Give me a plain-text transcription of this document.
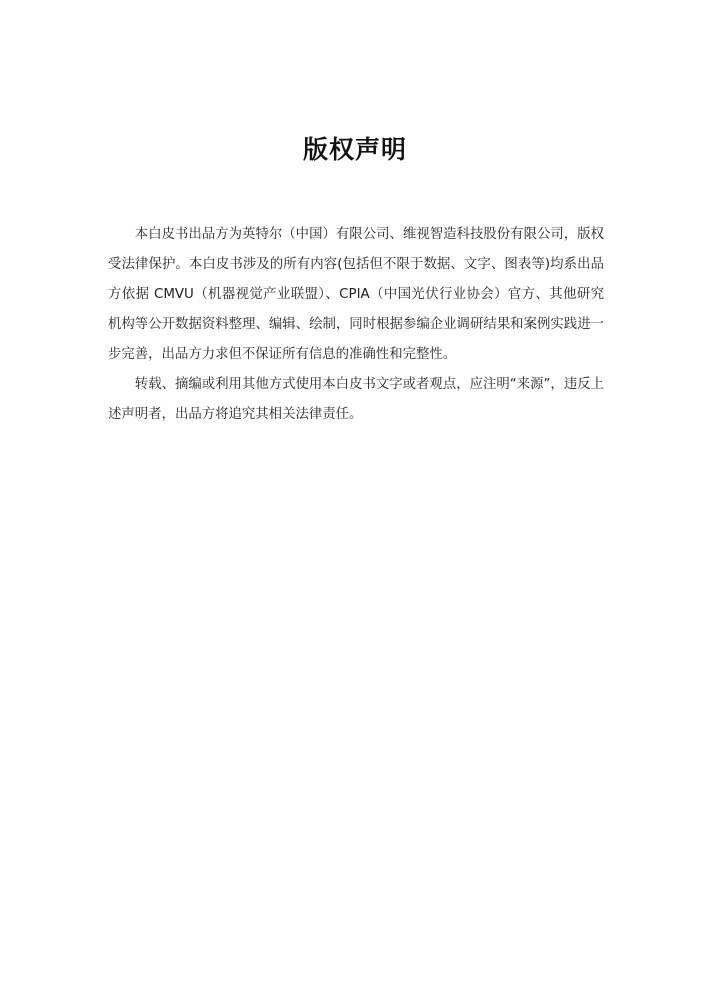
版权声明

本白皮书出品方为英特尔（中国）有限公司、维视智造科技股份有限公司，版权受法律保护。本白皮书涉及的所有内容(包括但不限于数据、文字、图表等)均系出品方依据 CMVU（机器视觉产业联盟）、CPIA（中国光伏行业协会）官方、其他研究机构等公开数据资料整理、编辑、绘制，同时根据参编企业调研结果和案例实践进一步完善，出品方力求但不保证所有信息的准确性和完整性。

转载、摘编或利用其他方式使用本白皮书文字或者观点，应注明“来源”，违反上述声明者，出品方将追究其相关法律责任。
